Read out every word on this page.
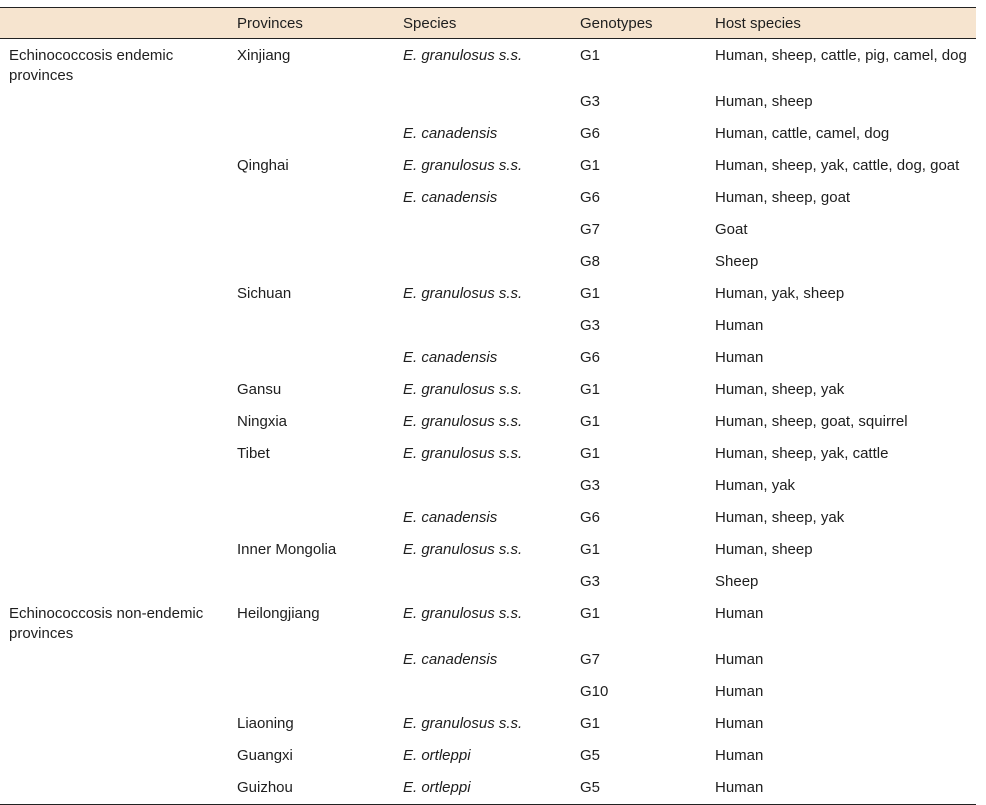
	Provinces	Species	Genotypes	Host species
Echinococcosis endemic provinces	Xinjiang	E. granulosus s.s.	G1	Human, sheep, cattle, pig, camel, dog
			G3	Human, sheep
		E. canadensis	G6	Human, cattle, camel, dog
	Qinghai	E. granulosus s.s.	G1	Human, sheep, yak, cattle, dog, goat
		E. canadensis	G6	Human, sheep, goat
			G7	Goat
			G8	Sheep
	Sichuan	E. granulosus s.s.	G1	Human, yak, sheep
			G3	Human
		E. canadensis	G6	Human
	Gansu	E. granulosus s.s.	G1	Human, sheep, yak
	Ningxia	E. granulosus s.s.	G1	Human, sheep, goat, squirrel
	Tibet	E. granulosus s.s.	G1	Human, sheep, yak, cattle
			G3	Human, yak
		E. canadensis	G6	Human, sheep, yak
	Inner Mongolia	E. granulosus s.s.	G1	Human, sheep
			G3	Sheep
Echinococcosis non-endemic provinces	Heilongjiang	E. granulosus s.s.	G1	Human
		E. canadensis	G7	Human
			G10	Human
	Liaoning	E. granulosus s.s.	G1	Human
	Guangxi	E. ortleppi	G5	Human
	Guizhou	E. ortleppi	G5	Human
